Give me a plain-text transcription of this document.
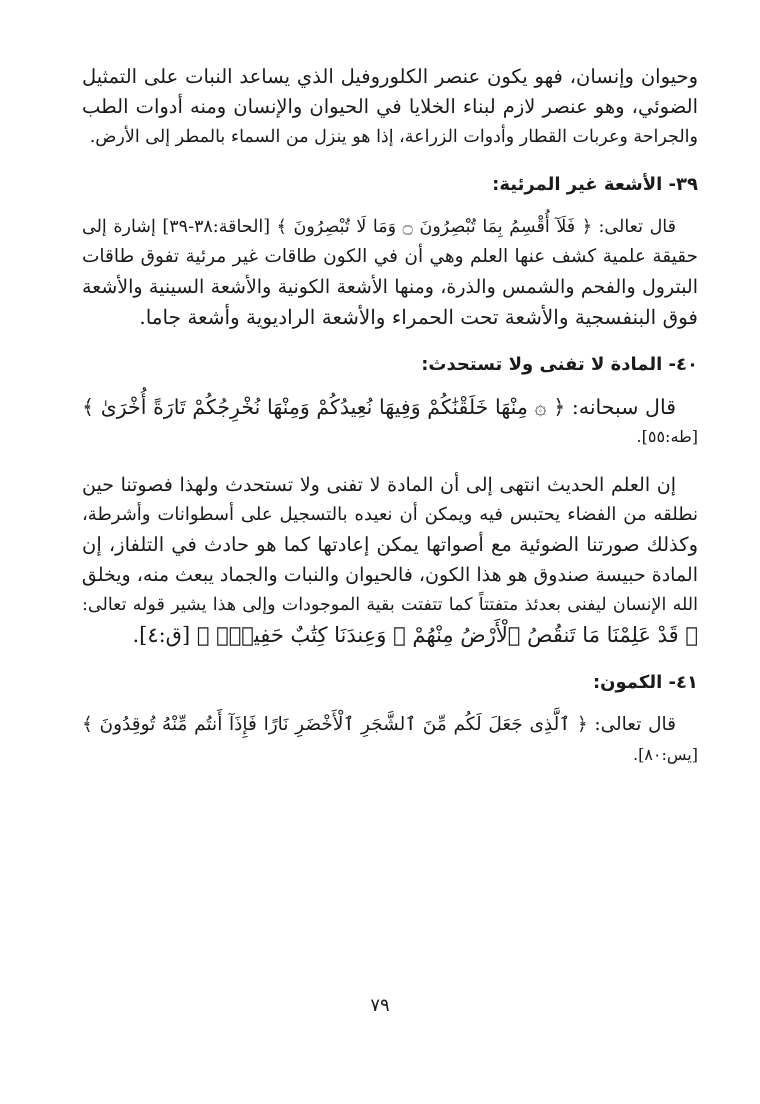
وحيوان وإنسان، فهو يكون عنصر الكلوروفيل الذي يساعد النبات على التمثيل

الضوئي، وهو عنصر لازم لبناء الخلايا في الحيوان والإنسان ومنه أدوات الطب

والجراحة وعربات القطار وأدوات الزراعة، إذا هو ينزل من السماء بالمطر إلى الأرض.

٣٩- الأشعة غير المرئية:

قال تعالى: ﴿ فَلَآ أُقْسِمُ بِمَا تُبْصِرُونَ ۝ وَمَا لَا تُبْصِرُونَ ﴾ [الحاقة:٣٨-٣٩] إشارة إلى

حقيقة علمية كشف عنها العلم وهي أن في الكون طاقات غير مرئية تفوق طاقات

البترول والفحم والشمس والذرة، ومنها الأشعة الكونية والأشعة السينية والأشعة

فوق البنفسجية والأشعة تحت الحمراء والأشعة الراديوية وأشعة جاما.

٤٠- المادة لا تفنى ولا تستحدث:

قال سبحانه: ﴿ ۞ مِنْهَا خَلَقْنَٰكُمْ وَفِيهَا نُعِيدُكُمْ وَمِنْهَا نُخْرِجُكُمْ تَارَةً أُخْرَىٰ ﴾

[طه:٥٥].

إن العلم الحديث انتهى إلى أن المادة لا تفنى ولا تستحدث ولهذا فصوتنا حين

نطلقه من الفضاء يحتبس فيه ويمكن أن نعيده بالتسجيل على أسطوانات وأشرطة،

وكذلك صورتنا الضوئية مع أصواتها يمكن إعادتها كما هو حادث في التلفاز، إن

المادة حبيسة صندوق هو هذا الكون، فالحيوان والنبات والجماد يبعث منه، ويخلق

الله الإنسان ليفنى بعدئذ متفتتاً كما تتفتت بقية الموجودات وإلى هذا يشير قوله تعالى:

﴿ قَدْ عَلِمْنَا مَا تَنقُصُ ٱلْأَرْضُ مِنْهُمْ ۖ وَعِندَنَا كِتَٰبٌ حَفِيظٌۢ ﴾ [ق:٤].

٤١- الكمون:

قال تعالى: ﴿ ٱلَّذِى جَعَلَ لَكُم مِّنَ ٱلشَّجَرِ ٱلْأَخْضَرِ نَارًا فَإِذَآ أَنتُم مِّنْهُ تُوقِدُونَ ﴾

[يس:٨٠].

٧٩
